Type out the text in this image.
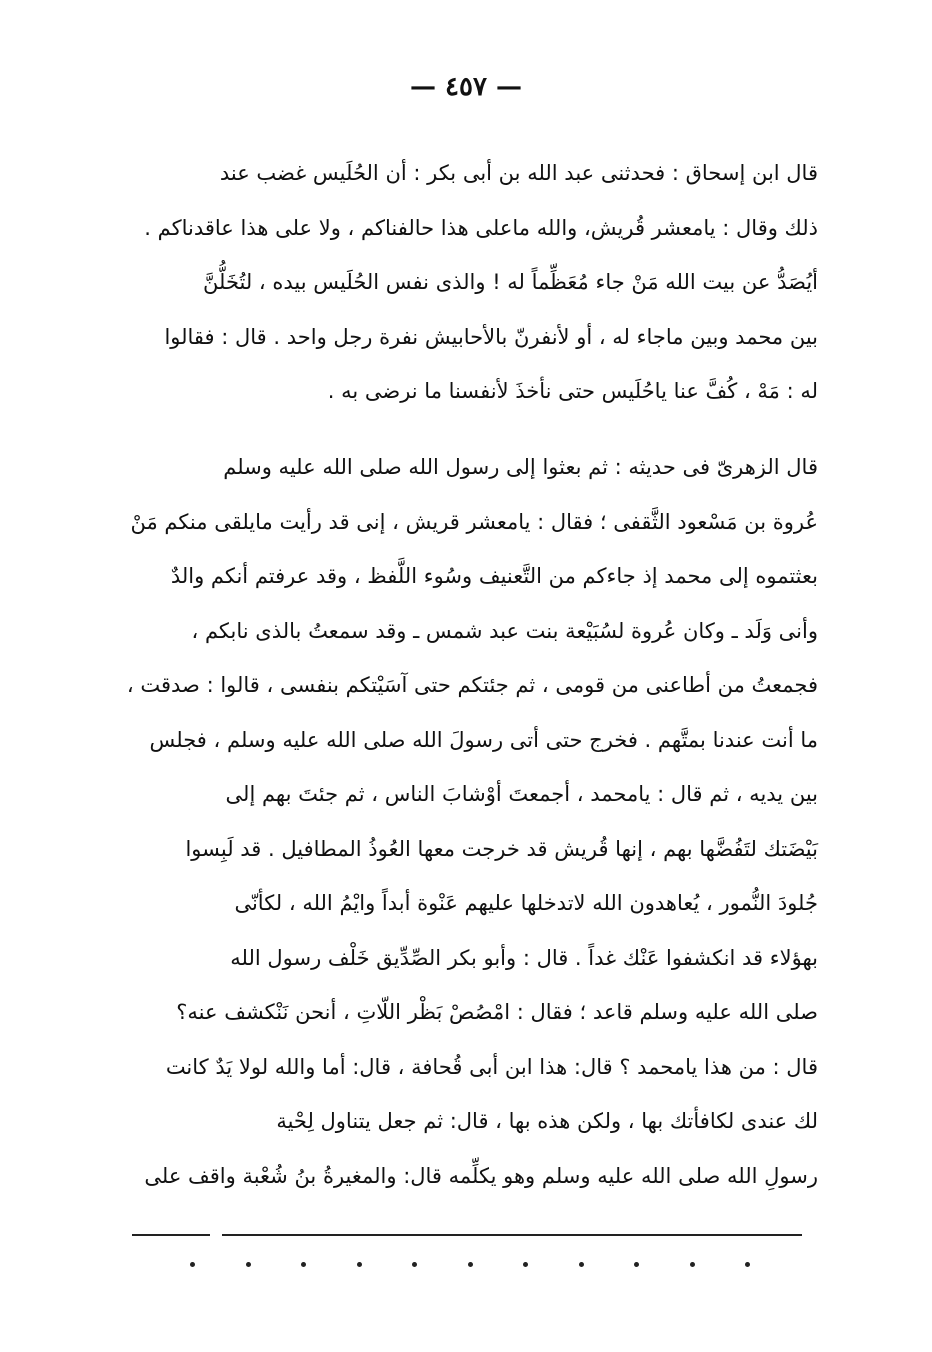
— ٤٥٧ —
قال ابن إسحاق : فحدثنى عبد الله بن أبى بكر : أن الحُلَيس غضب عند
ذلك وقال : يامعشر قُريش، والله ماعلى هذا حالفناكم ، ولا على هذا عاقدناكم .
أيُصَدُّ عن بيت الله مَنْ جاء مُعَظِّماً له ! والذى نفس الحُلَيس بيده ، لتُخَلُّنَّ
بين محمد وبين ماجاء له ، أو لأنفرنّ بالأحابيش نفرة رجل واحد . قال : فقالوا
له : مَهْ ، كُفَّ عنا ياحُلَيس حتى نأخذَ لأنفسنا ما نرضى به .
قال الزهرىّ فى حديثه : ثم بعثوا إلى رسول الله صلى الله عليه وسلم
عُروة بن مَسْعود الثَّقفى ؛ فقال : يامعشر قريش ، إنى قد رأيت مايلقى منكم مَنْ
بعثتموه إلى محمد إذ جاءكم من التَّعنيف وسُوء اللَّفظ ، وقد عرفتم أنكم والدٌ
وأنى وَلَد ـ وكان عُروة لسُبَيْعة بنت عبد شمس ـ وقد سمعتُ بالذى نابكم ،
فجمعتُ من أطاعنى من قومى ، ثم جئتكم حتى آسَيْتكم بنفسى ، قالوا : صدقت ،
ما أنت عندنا بمتَّهم . فخرج حتى أتى رسولَ الله صلى الله عليه وسلم ، فجلس
بين يديه ، ثم قال : يامحمد ، أجمعتَ أوْشابَ الناس ، ثم جئتَ بهم إلى
بَيْضَتك لتَفُضَّها بهم ، إنها قُريش قد خرجت معها العُوذُ المطافيل . قد لَبِسوا
جُلودَ النُّمور ، يُعاهدون الله لاتدخلها عليهم عَنْوة أبداً وايْمُ الله ، لكأنّى
بهؤلاء قد انكشفوا عَنْك غداً . قال : وأبو بكر الصِّدِّيق خَلْف رسول الله
صلى الله عليه وسلم قاعد ؛ فقال : امْصُصْ بَظْر اللّاتِ ، أنحن نَنْكشف عنه؟
قال : من هذا يامحمد ؟ قال: هذا ابن أبى قُحافة ، قال: أما والله لولا يَدٌ كانت
لك عندى لكافأتك بها ، ولكن هذه بها ، قال: ثم جعل يتناول لِحْية
رسولِ الله صلى الله عليه وسلم وهو يكلِّمه قال: والمغيرةُ بنُ شُعْبة واقف على
